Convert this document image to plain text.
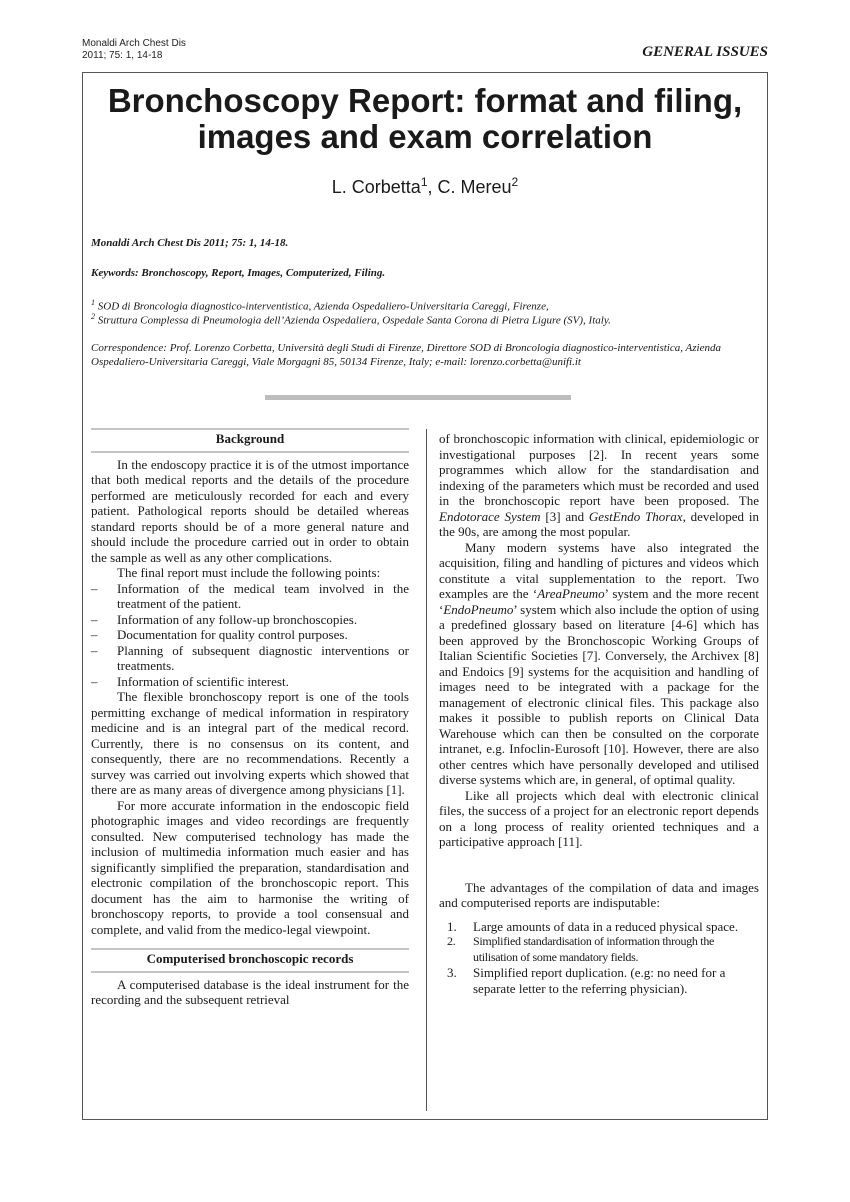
Monaldi Arch Chest Dis
2011; 75: 1, 14-18	GENERAL ISSUES
Bronchoscopy Report: format and filing,
images and exam correlation
L. Corbetta$^1$, C. Mereu$^2$
Monaldi Arch Chest Dis 2011; 75: 1, 14-18.
Keywords: Bronchoscopy, Report, Images, Computerized, Filing.
$^1$ SOD di Broncologia diagnostico-interventistica, Azienda Ospedaliero-Universitaria Careggi, Firenze,
$^2$ Struttura Complessa di Pneumologia dell’Azienda Ospedaliera, Ospedale Santa Corona di Pietra Ligure (SV), Italy.
Correspondence: Prof. Lorenzo Corbetta, Università degli Studi di Firenze, Direttore SOD di Broncologia diagnostico-interventistica, Azienda Ospedaliero-Universitaria Careggi, Viale Morgagni 85, 50134 Firenze, Italy; e-mail: lorenzo.corbetta@unifi.it
Background

In the endoscopy practice it is of the utmost importance that both medical reports and the details of the procedure performed are meticulously recorded for each and every patient. Pathological reports should be detailed whereas standard reports should be of a more general nature and should include the procedure carried out in order to obtain the sample as well as any other complications.

The final report must include the following points:

– Information of the medical team involved in the treatment of the patient.
– Information of any follow-up bronchoscopies.
– Documentation for quality control purposes.
– Planning of subsequent diagnostic interventions or treatments.
– Information of scientific interest.

The flexible bronchoscopy report is one of the tools permitting exchange of medical information in respiratory medicine and is an integral part of the medical record. Currently, there is no consensus on its content, and consequently, there are no recommendations. Recently a survey was carried out involving experts which showed that there are as many areas of divergence among physicians [1].

For more accurate information in the endoscopic field photographic images and video recordings are frequently consulted. New computerised technology has made the inclusion of multimedia information much easier and has significantly simplified the preparation, standardisation and electronic compilation of the bronchoscopic report. This document has the aim to harmonise the writing of bronchoscopy reports, to provide a tool consensual and complete, and valid from the medico-legal viewpoint.

Computerised bronchoscopic records

A computerised database is the ideal instrument for the recording and the subsequent retrieval

of bronchoscopic information with clinical, epidemiologic or investigational purposes [2]. In recent years some programmes which allow for the standardisation and indexing of the parameters which must be recorded and used in the bronchoscopic report have been proposed. The Endotorace System [3] and GestEndo Thorax, developed in the 90s, are among the most popular.

Many modern systems have also integrated the acquisition, filing and handling of pictures and videos which constitute a vital supplementation to the report. Two examples are the ‘AreaPneumo’ system and the more recent ‘EndoPneumo’ system which also include the option of using a predefined glossary based on literature [4-6] which has been approved by the Bronchoscopic Working Groups of Italian Scientific Societies [7]. Conversely, the Archivex [8] and Endoics [9] systems for the acquisition and handling of images need to be integrated with a package for the management of electronic clinical files. This package also makes it possible to publish reports on Clinical Data Warehouse which can then be consulted on the corporate intranet, e.g. Infoclin-Eurosoft [10]. However, there are also other centres which have personally developed and utilised diverse systems which are, in general, of optimal quality.

Like all projects which deal with electronic clinical files, the success of a project for an electronic report depends on a long process of reality oriented techniques and a participative approach [11].

The advantages of the compilation of data and images and computerised reports are indisputable:

1. Large amounts of data in a reduced physical space.
2. Simplified standardisation of information through the utilisation of some mandatory fields.
3. Simplified report duplication. (e.g: no need for a separate letter to the referring physician).
